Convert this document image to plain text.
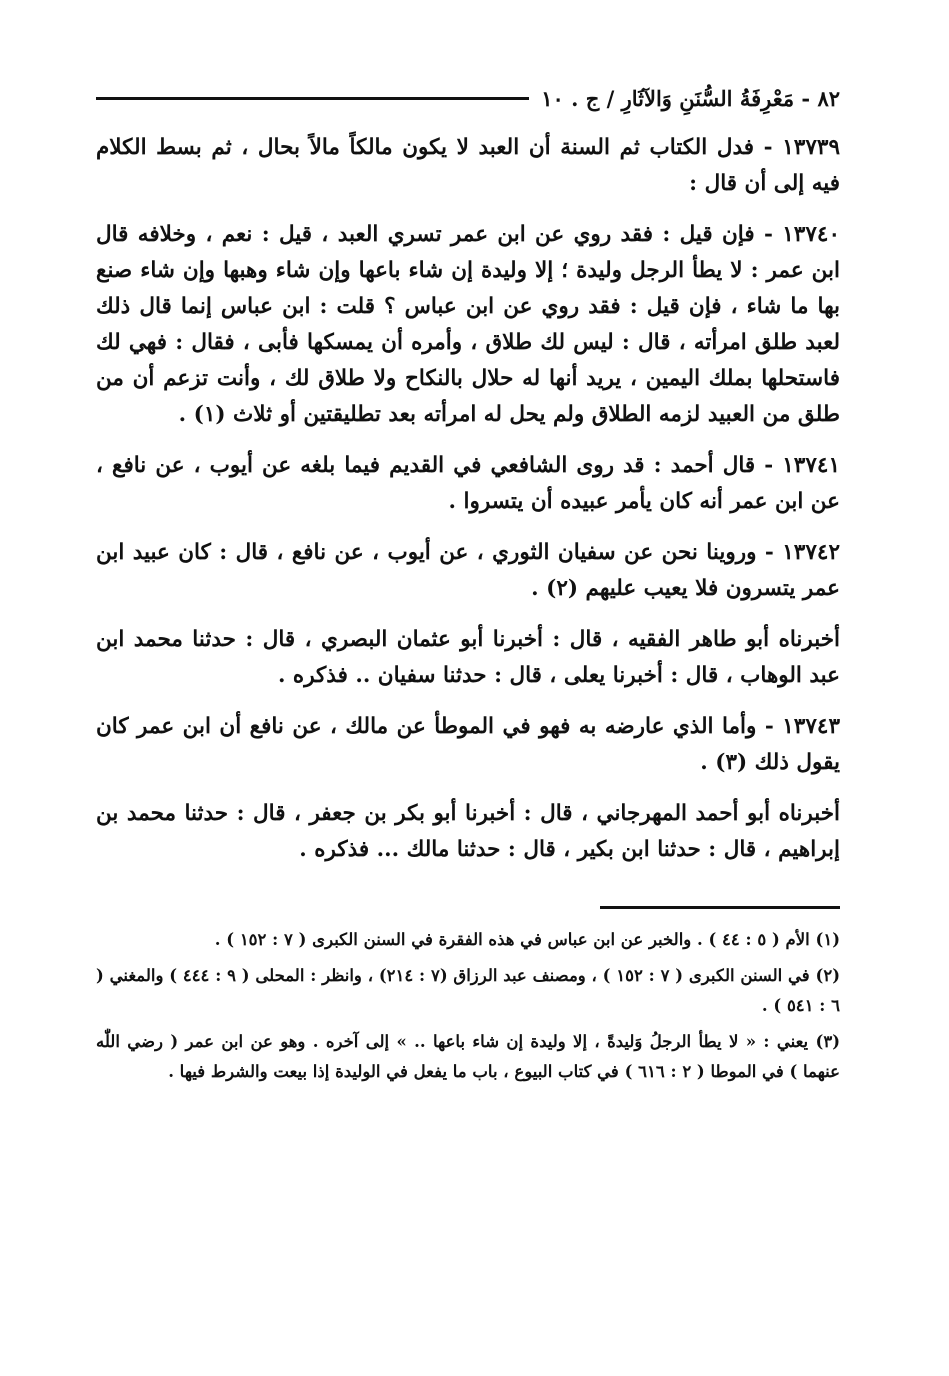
٨٢ - مَعْرِفَةُ السُّنَنِ وَالآثَارِ / ج . ١٠

١٣٧٣٩ - فدل الكتاب ثم السنة أن العبد لا يكون مالكاً مالاً بحال ، ثم بسط الكلام فيه إلى أن قال :

١٣٧٤٠ - فإن قيل : فقد روي عن ابن عمر تسري العبد ، قيل : نعم ، وخلافه قال ابن عمر : لا يطأ الرجل وليدة ؛ إلا وليدة إن شاء باعها وإن شاء وهبها وإن شاء صنع بها ما شاء ، فإن قيل : فقد روي عن ابن عباس ؟ قلت : ابن عباس إنما قال ذلك لعبد طلق امرأته ، قال : ليس لك طلاق ، وأمره أن يمسكها فأبى ، فقال : فهي لك فاستحلها بملك اليمين ، يريد أنها له حلال بالنكاح ولا طلاق لك ، وأنت تزعم أن من طلق من العبيد لزمه الطلاق ولم يحل له امرأته بعد تطليقتين أو ثلاث (١) .

١٣٧٤١ - قال أحمد : قد روى الشافعي في القديم فيما بلغه عن أيوب ، عن نافع ، عن ابن عمر أنه كان يأمر عبيده أن يتسروا .

١٣٧٤٢ - وروينا نحن عن سفيان الثوري ، عن أيوب ، عن نافع ، قال : كان عبيد ابن عمر يتسرون فلا يعيب عليهم (٢) .

أخبرناه أبو طاهر الفقيه ، قال : أخبرنا أبو عثمان البصري ، قال : حدثنا محمد ابن عبد الوهاب ، قال : أخبرنا يعلى ، قال : حدثنا سفيان .. فذكره .

١٣٧٤٣ - وأما الذي عارضه به فهو في الموطأ عن مالك ، عن نافع أن ابن عمر كان يقول ذلك (٣) .

أخبرناه أبو أحمد المهرجاني ، قال : أخبرنا أبو بكر بن جعفر ، قال : حدثنا محمد بن إبراهيم ، قال : حدثنا ابن بكير ، قال : حدثنا مالك ... فذكره .

(١) الأم ( ٥ : ٤٤ ) . والخبر عن ابن عباس في هذه الفقرة في السنن الكبرى ( ٧ : ١٥٢ ) .

(٢) في السنن الكبرى ( ٧ : ١٥٢ ) ، ومصنف عبد الرزاق (٧ : ٢١٤) ، وانظر : المحلى ( ٩ : ٤٤٤ ) والمغني ( ٦ : ٥٤١ ) .

(٣) يعني : « لا يطأ الرجلُ وَليدةً ، إلا وليدة إن شاء باعها .. » إلى آخره . وهو عن ابن عمر ( رضي اللّٰه عنهما ) في الموطا ( ٢ : ٦١٦ ) في كتاب البيوع ، باب ما يفعل في الوليدة إذا بيعت والشرط فيها .
